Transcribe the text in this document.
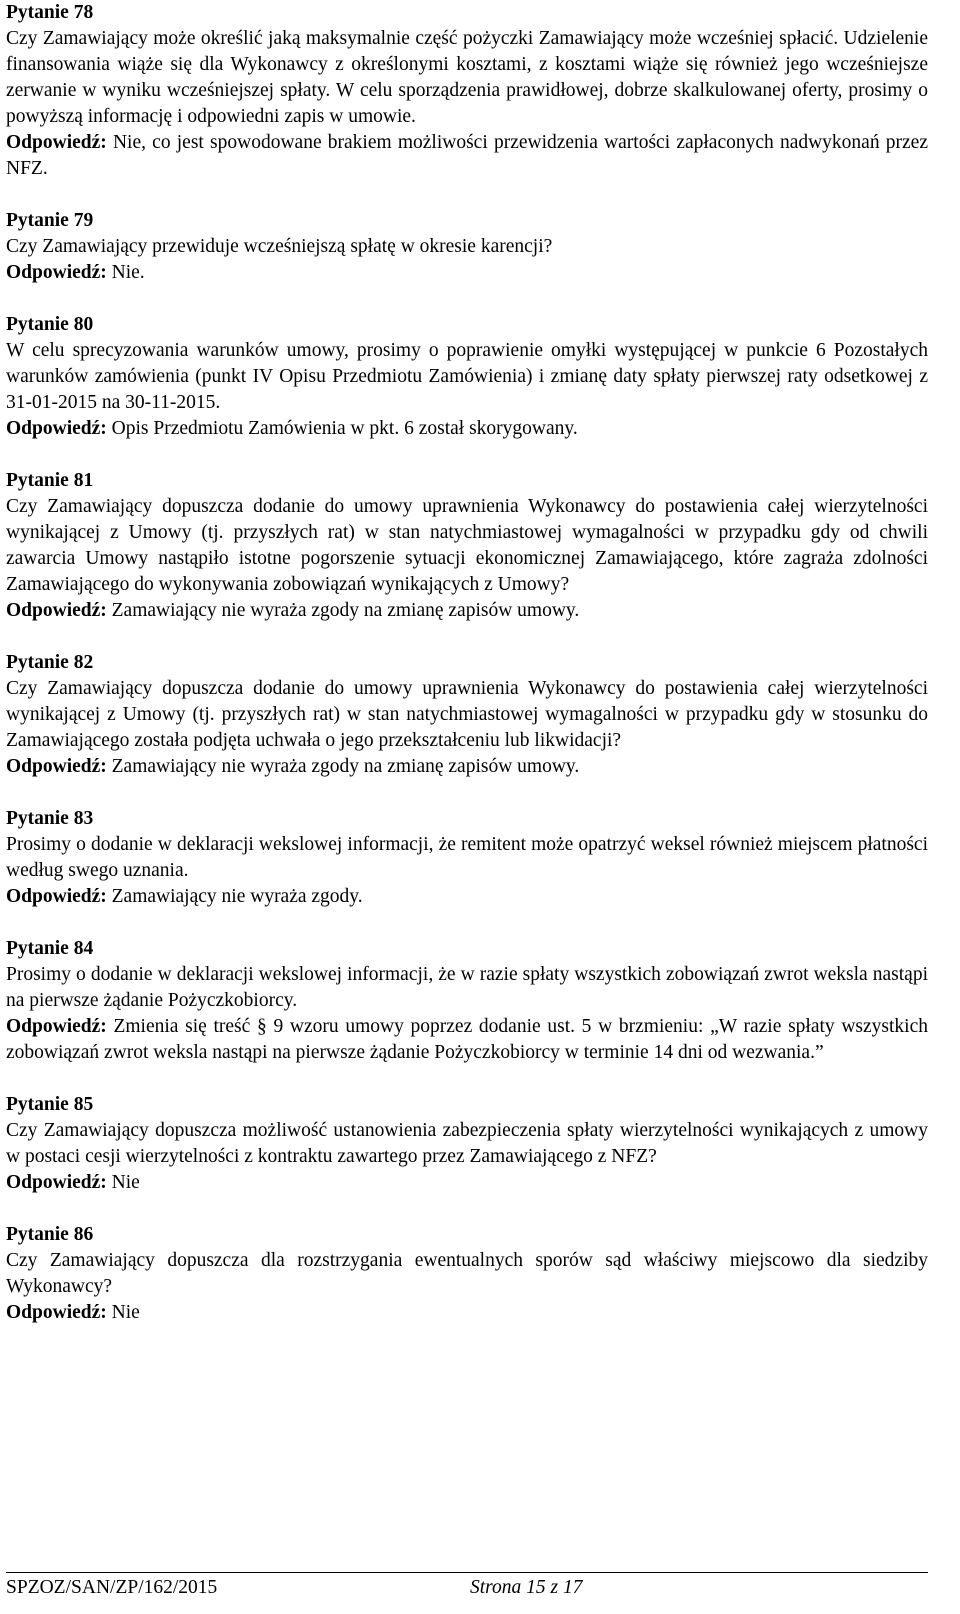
Pytanie 78

Czy Zamawiający może określić jaką maksymalnie część pożyczki Zamawiający może wcześniej spłacić. Udzielenie finansowania wiąże się dla Wykonawcy z określonymi kosztami, z kosztami wiąże się również jego wcześniejsze zerwanie w wyniku wcześniejszej spłaty. W celu sporządzenia prawidłowej, dobrze skalkulowanej oferty, prosimy o powyższą informację i odpowiedni zapis w umowie.

Odpowiedź: Nie, co jest spowodowane brakiem możliwości przewidzenia wartości zapłaconych nadwykonań przez NFZ.

Pytanie 79

Czy Zamawiający przewiduje wcześniejszą spłatę w okresie karencji?

Odpowiedź: Nie.

Pytanie 80

W celu sprecyzowania warunków umowy, prosimy o poprawienie omyłki występującej w punkcie 6 Pozostałych warunków zamówienia (punkt IV Opisu Przedmiotu Zamówienia) i zmianę daty spłaty pierwszej raty odsetkowej z 31-01-2015 na 30-11-2015.

Odpowiedź: Opis Przedmiotu Zamówienia w pkt. 6 został skorygowany.

Pytanie 81

Czy Zamawiający dopuszcza dodanie do umowy uprawnienia Wykonawcy do postawienia całej wierzytelności wynikającej z Umowy (tj. przyszłych rat) w stan natychmiastowej wymagalności w przypadku gdy od chwili zawarcia Umowy nastąpiło istotne pogorszenie sytuacji ekonomicznej Zamawiającego, które zagraża zdolności Zamawiającego do wykonywania zobowiązań wynikających z Umowy?

Odpowiedź: Zamawiający nie wyraża zgody na zmianę zapisów umowy.

Pytanie 82

Czy Zamawiający dopuszcza dodanie do umowy uprawnienia Wykonawcy do postawienia całej wierzytelności wynikającej z Umowy (tj. przyszłych rat) w stan natychmiastowej wymagalności w przypadku gdy w stosunku do Zamawiającego została podjęta uchwała o jego przekształceniu lub likwidacji?

Odpowiedź: Zamawiający nie wyraża zgody na zmianę zapisów umowy.

Pytanie 83

Prosimy o dodanie w deklaracji wekslowej informacji, że remitent może opatrzyć weksel również miejscem płatności według swego uznania.

Odpowiedź: Zamawiający nie wyraża zgody.

Pytanie 84

Prosimy o dodanie w deklaracji wekslowej informacji, że w razie spłaty wszystkich zobowiązań zwrot weksla nastąpi na pierwsze żądanie Pożyczkobiorcy.

Odpowiedź: Zmienia się treść § 9 wzoru umowy poprzez dodanie ust. 5 w brzmieniu: „W razie spłaty wszystkich zobowiązań zwrot weksla nastąpi na pierwsze żądanie Pożyczkobiorcy w terminie 14 dni od wezwania.”

Pytanie 85

Czy Zamawiający dopuszcza możliwość ustanowienia zabezpieczenia spłaty wierzytelności wynikających z umowy w postaci cesji wierzytelności z kontraktu zawartego przez Zamawiającego z NFZ?

Odpowiedź: Nie

Pytanie 86

Czy Zamawiający dopuszcza dla rozstrzygania ewentualnych sporów sąd właściwy miejscowo dla siedziby Wykonawcy?

Odpowiedź: Nie

SPZOZ/SAN/ZP/162/2015	Strona 15 z 17
